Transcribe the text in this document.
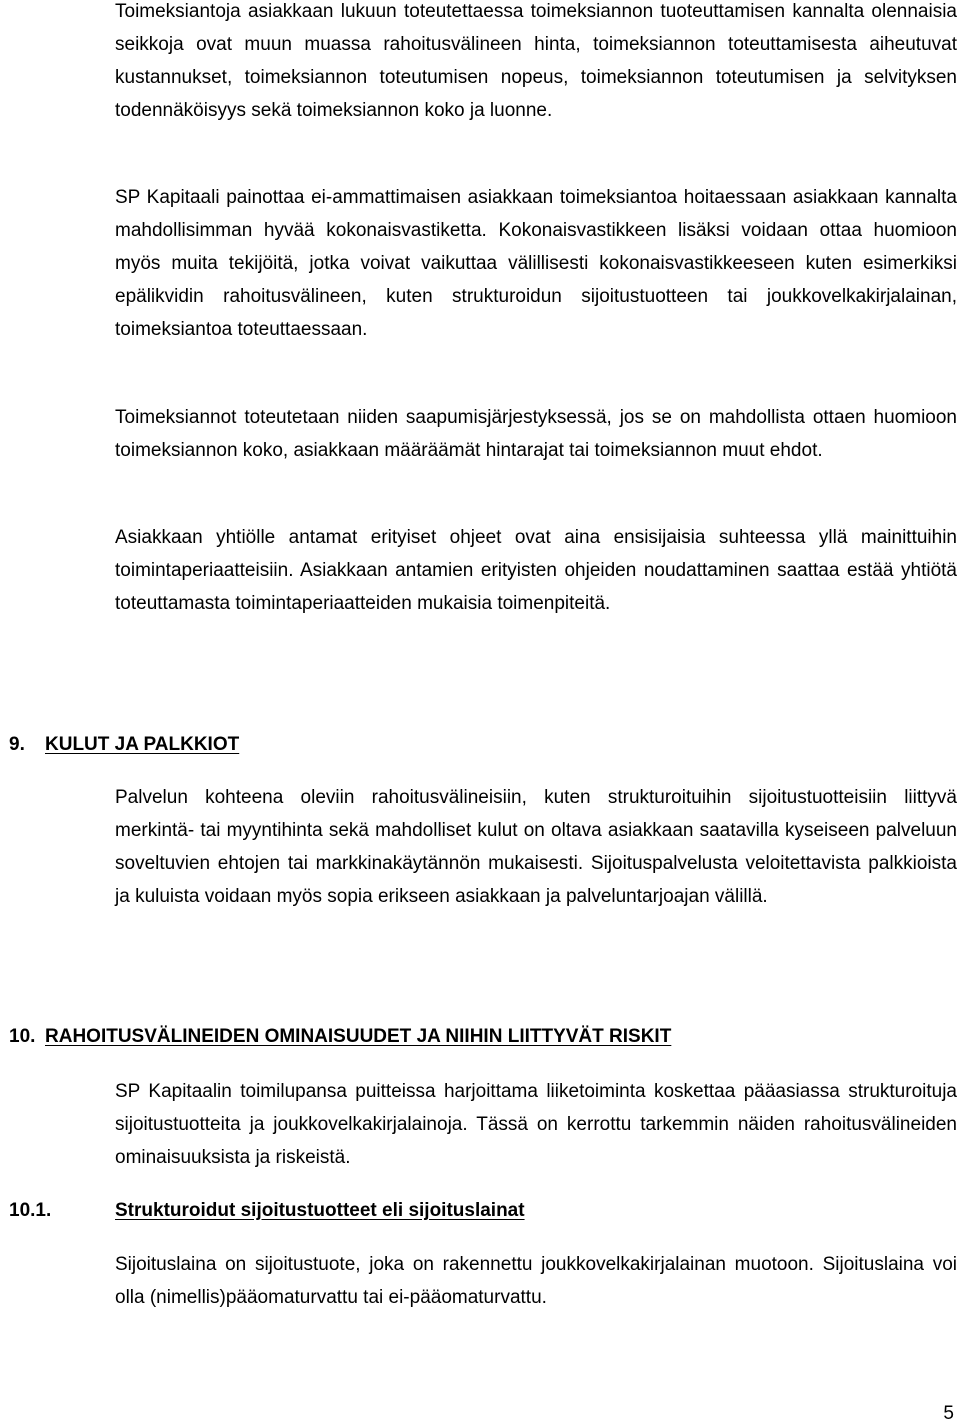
Toimeksiantoja asiakkaan lukuun toteutettaessa toimeksiannon tuoteuttamisen kannalta olennaisia seikkoja ovat muun muassa rahoitusvälineen hinta, toimeksiannon toteuttamisesta aiheutuvat kustannukset, toimeksiannon toteutumisen nopeus, toimeksiannon toteutumisen ja selvityksen todennäköisyys sekä toimeksiannon koko ja luonne.

SP Kapitaali painottaa ei-ammattimaisen asiakkaan toimeksiantoa hoitaessaan asiakkaan kannalta mahdollisimman hyvää kokonaisvastiketta. Kokonaisvastikkeen lisäksi voidaan ottaa huomioon myös muita tekijöitä, jotka voivat vaikuttaa välillisesti kokonaisvastikkeeseen kuten esimerkiksi epälikvidin rahoitusvälineen, kuten strukturoidun sijoitustuotteen tai joukkovelkakirjalainan, toimeksiantoa toteuttaessaan.

Toimeksiannot toteutetaan niiden saapumisjärjestyksessä, jos se on mahdollista ottaen huomioon toimeksiannon koko, asiakkaan määräämät hintarajat tai toimeksiannon muut ehdot.

Asiakkaan yhtiölle antamat erityiset ohjeet ovat aina ensisijaisia suhteessa yllä mainittuihin toimintaperiaatteisiin. Asiakkaan antamien erityisten ohjeiden noudattaminen saattaa estää yhtiötä toteuttamasta toimintaperiaatteiden mukaisia toimenpiteitä.

9. KULUT JA PALKKIOT

Palvelun kohteena oleviin rahoitusvälineisiin, kuten strukturoituihin sijoitustuotteisiin liittyvä merkintä- tai myyntihinta sekä mahdolliset kulut on oltava asiakkaan saatavilla kyseiseen palveluun soveltuvien ehtojen tai markkinakäytännön mukaisesti. Sijoituspalvelusta veloitettavista palkkioista ja kuluista voidaan myös sopia erikseen asiakkaan ja palveluntarjoajan välillä.

10. RAHOITUSVÄLINEIDEN OMINAISUUDET JA NIIHIN LIITTYVÄT RISKIT

SP Kapitaalin toimilupansa puitteissa harjoittama liiketoiminta koskettaa pääasiassa strukturoituja sijoitustuotteita ja joukkovelkakirjalainoja. Tässä on kerrottu tarkemmin näiden rahoitusvälineiden ominaisuuksista ja riskeistä.

10.1.	Strukturoidut sijoitustuotteet eli sijoituslainat

Sijoituslaina on sijoitustuote, joka on rakennettu joukkovelkakirjalainan muotoon. Sijoituslaina voi olla (nimellis)pääomaturvattu tai ei-pääomaturvattu.

5
